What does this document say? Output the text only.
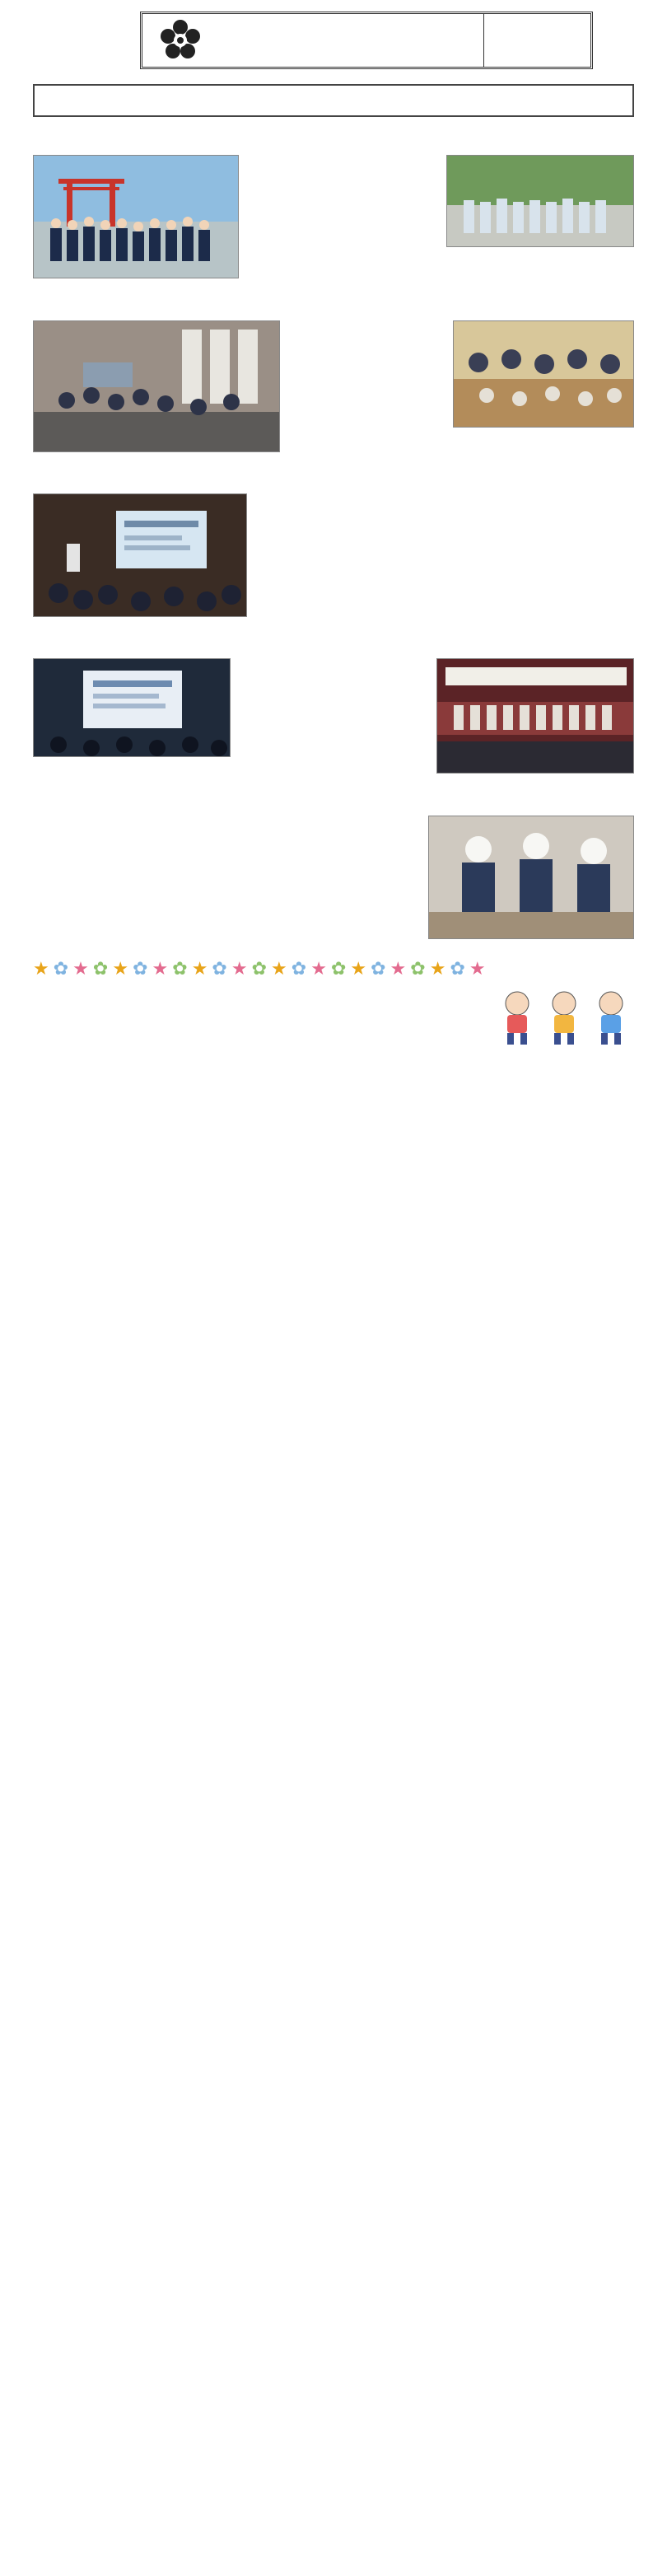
★✿★✿★✿★✿★✿★✿★✿★✿★✿★✿★✿★
